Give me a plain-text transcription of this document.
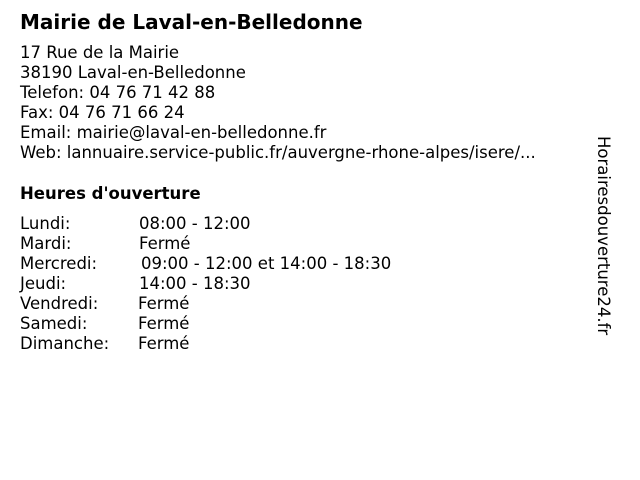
Mairie de Laval-en-Belledonne
17 Rue de la Mairie
38190 Laval-en-Belledonne
Telefon: 04 76 71 42 88
Fax: 04 76 71 66 24
Email: mairie@laval-en-belledonne.fr
Web: lannuaire.service-public.fr/auvergne-rhone-alpes/isere/...
Heures d'ouverture
Lundi:	08:00 - 12:00
Mardi:	Fermé
Mercredi:	09:00 - 12:00 et 14:00 - 18:30
Jeudi:	14:00 - 18:30
Vendredi: Fermé
Samedi:	Fermé
Dimanche: Fermé
Horairesdouverture24.fr
